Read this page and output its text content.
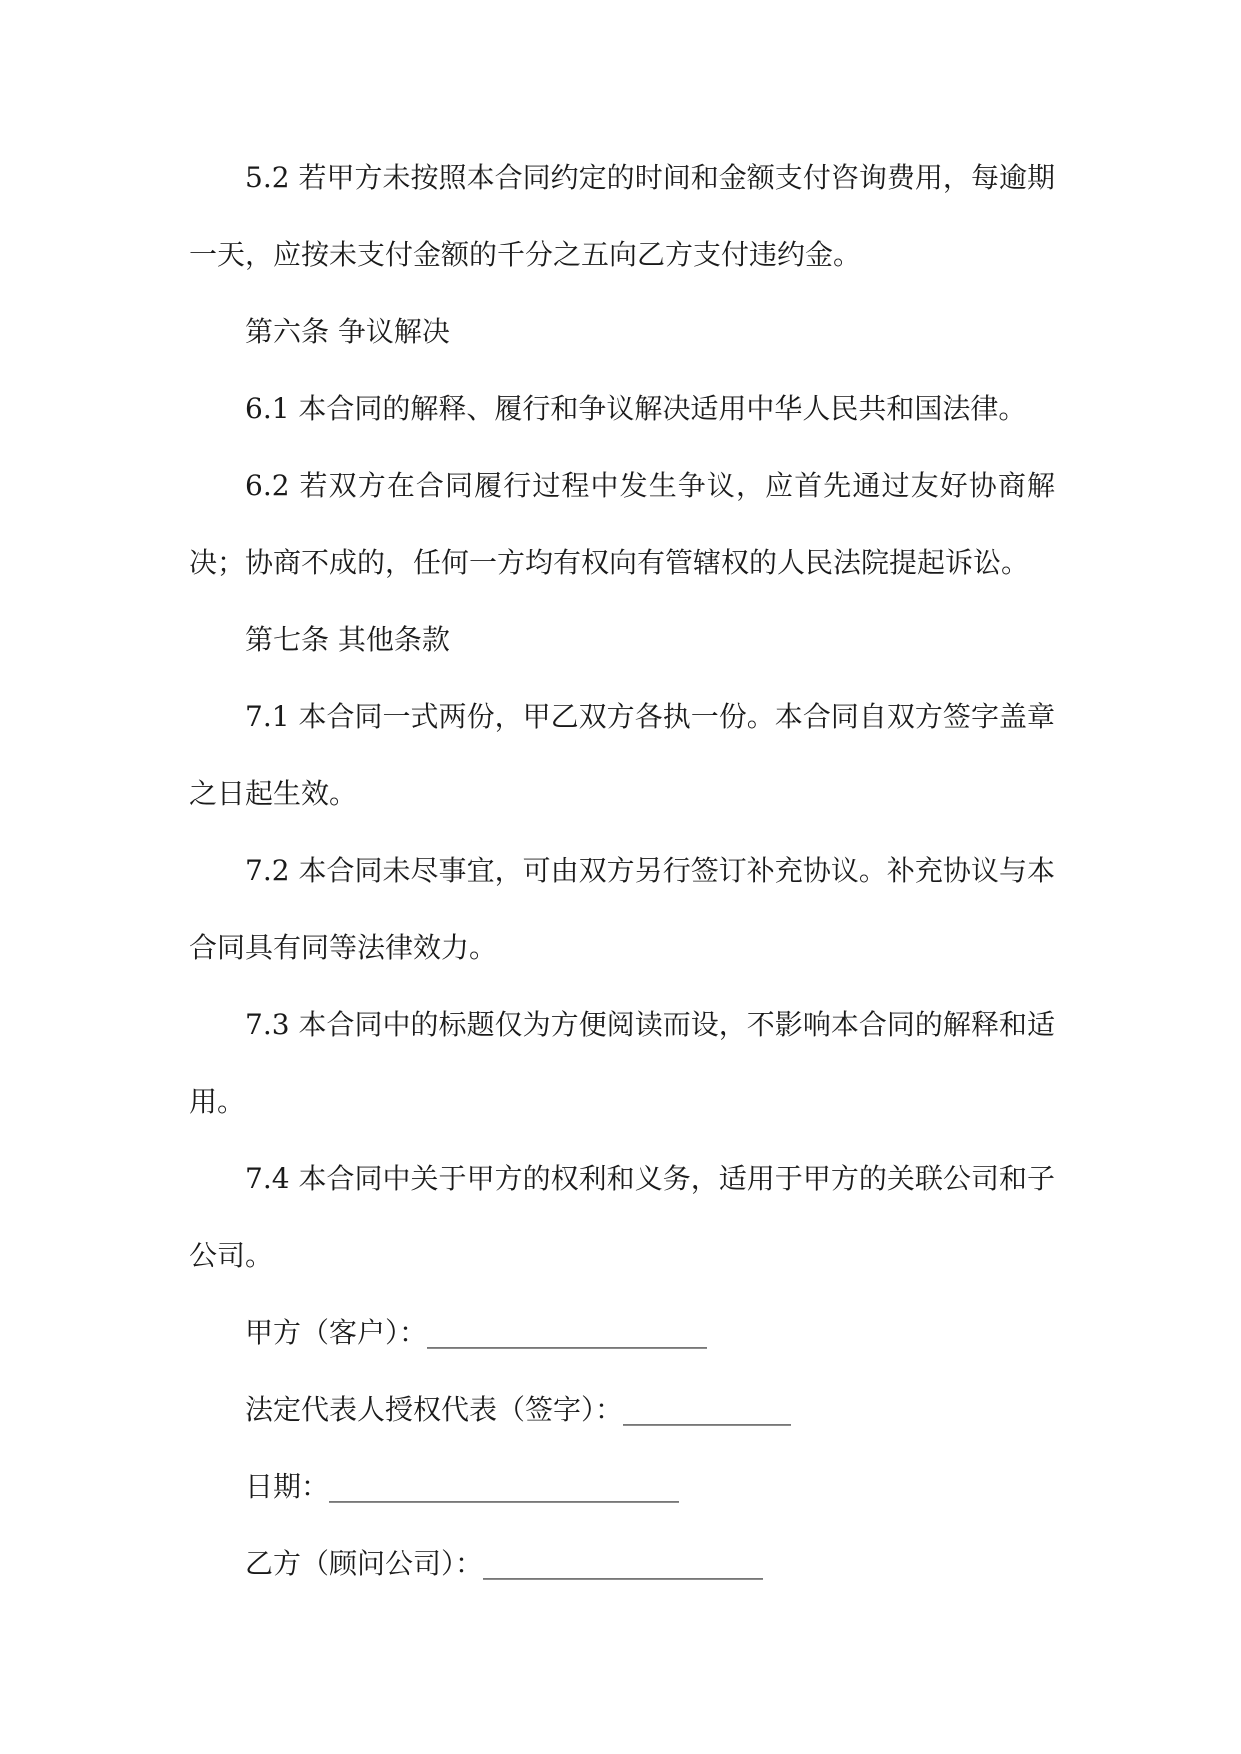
5.2 若甲方未按照本合同约定的时间和金额支付咨询费用，每逾期一天，应按未支付金额的千分之五向乙方支付违约金。

第六条 争议解决

6.1 本合同的解释、履行和争议解决适用中华人民共和国法律。

6.2 若双方在合同履行过程中发生争议，应首先通过友好协商解决；协商不成的，任何一方均有权向有管辖权的人民法院提起诉讼。

第七条 其他条款

7.1 本合同一式两份，甲乙双方各执一份。本合同自双方签字盖章之日起生效。

7.2 本合同未尽事宜，可由双方另行签订补充协议。补充协议与本合同具有同等法律效力。

7.3 本合同中的标题仅为方便阅读而设，不影响本合同的解释和适用。

7.4 本合同中关于甲方的权利和义务，适用于甲方的关联公司和子公司。

甲方（客户）：____________________

法定代表人授权代表（签字）：____________

日期：_________________________

乙方（顾问公司）：____________________
